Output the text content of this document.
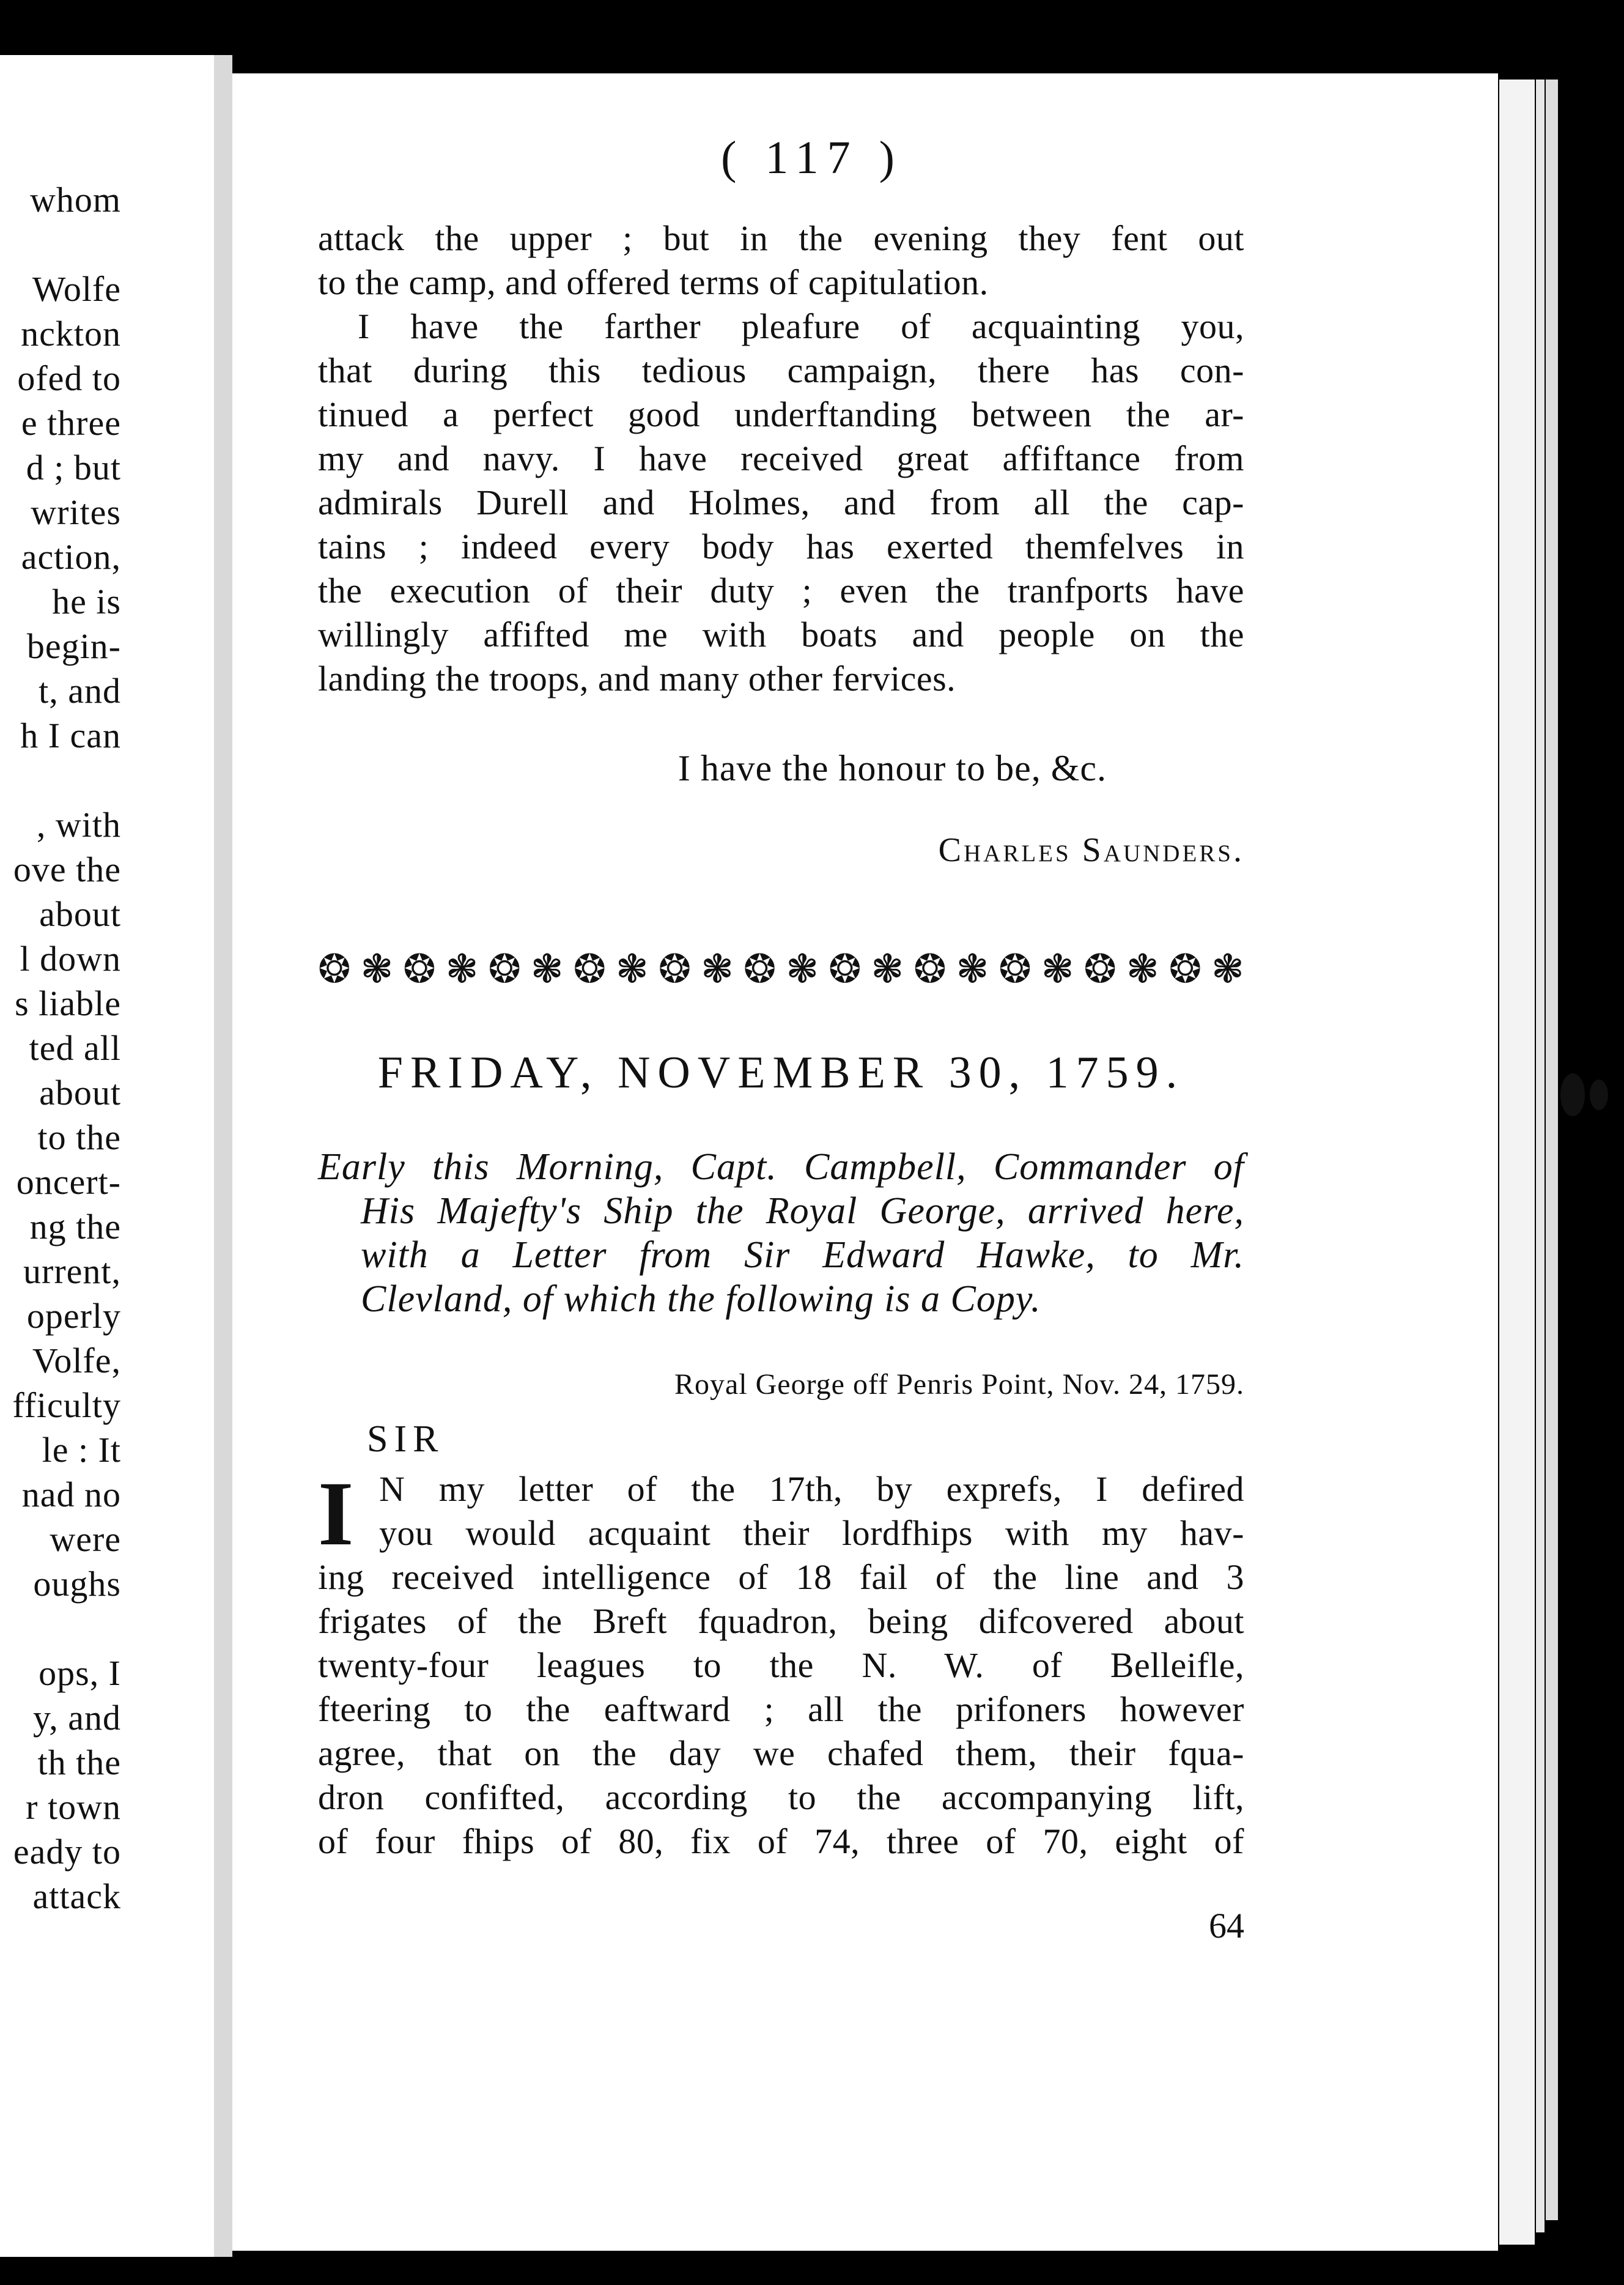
whom
Wolfe
nckton
ofed to
e three
d ; but
writes
action,
he is
begin-
t, and
h I can
, with
ove the
about
l down
s liable
ted all
about
to the
oncert-
ng the
urrent,
operly
Volfe,
fficulty
le : It
nad no
were
oughs
ops, I
y, and
th the
r town
eady to
attack
( 117 )
attack the upper ; but in the evening they fent out
to the camp, and offered terms of capitulation.
I have the farther pleafure of acquainting you,
that during this tedious campaign, there has con-
tinued a perfect good underftanding between the ar-
my and navy. I have received great affiftance from
admirals Durell and Holmes, and from all the cap-
tains ; indeed every body has exerted themfelves in
the execution of their duty ; even the tranfports have
willingly affifted me with boats and people on the
landing the troops, and many other fervices.
I have the honour to be, &c.
Charles Saunders.
❂ ❃ ❂ ❃ ❂ ❃ ❂ ❃ ❂ ❃ ❂ ❃ ❂ ❃ ❂ ❃ ❂ ❃ ❂ ❃ ❂ ❃
FRIDAY, NOVEMBER 30, 1759.
Early this Morning, Capt. Campbell, Commander of
His Majefty's Ship the Royal George, arrived here,
with a Letter from Sir Edward Hawke, to Mr.
Clevland, of which the following is a Copy.
Royal George off Penris Point, Nov. 24, 1759.
SIR
I N my letter of the 17th, by exprefs, I defired
you would acquaint their lordfhips with my hav-
ing received intelligence of 18 fail of the line and 3
frigates of the Breft fquadron, being difcovered about
twenty-four leagues to the N. W. of Belleifle,
fteering to the eaftward ; all the prifoners however
agree, that on the day we chafed them, their fqua-
dron confifted, according to the accompanying lift,
of four fhips of 80, fix of 74, three of 70, eight of
64
